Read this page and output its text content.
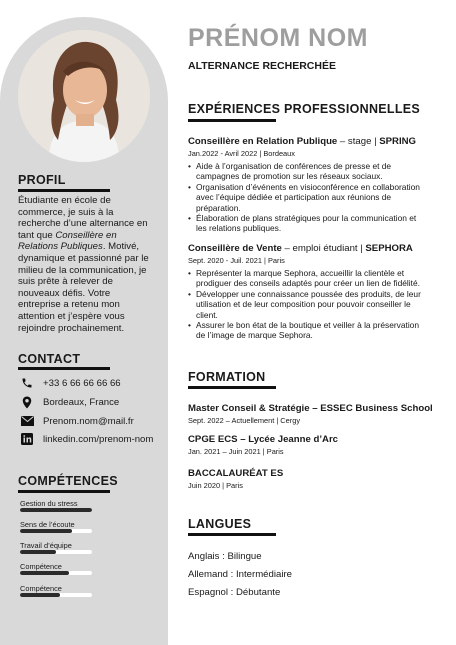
PROFIL
Étudiante en école de commerce, je suis à la recherche d’une alternance en tant que Conseillère en Relations Publiques. Motivé, dynamique et passionné par le milieu de la communication, je suis prête à relever de nouveaux défis. Votre entreprise a retenu mon attention et j’espère vous rejoindre prochainement.
CONTACT
+33 6 66 66 66 66
Bordeaux, France
Prenom.nom@mail.fr
linkedin.com/prenom-nom
COMPÉTENCES
Gestion du stress
Sens de l’écoute
Travail d’équipe
Compétence
Compétence
PRÉNOM NOM
ALTERNANCE RECHERCHÉE
EXPÉRIENCES PROFESSIONNELLES
Conseillère en Relation Publique – stage | SPRING
Jan.2022 - Avril 2022 | Bordeaux
• Aide à l’organisation de conférences de presse et de campagnes de promotion sur les réseaux sociaux.
• Organisation d’événents en visioconférence en collaboration avec l’équipe dédiée et participation aux réunions de préparation.
• Élaboration de plans stratégiques pour la communication et les relations publiques.
Conseillère de Vente – emploi étudiant | SEPHORA
Sept. 2020 - Juil. 2021 | Paris
• Représenter la marque Sephora, accueillir la clientèle et prodiguer des conseils adaptés pour créer un lien de fidélité.
• Développer une connaissance poussée des produits, de leur utilisation et de leur composition pour pouvoir conseiller le client.
• Assurer le bon état de la boutique et veiller à la préservation de l’image de marque Sephora.
FORMATION
Master Conseil & Stratégie – ESSEC Business School
Sept. 2022 – Actuellement | Cergy
CPGE ECS – Lycée Jeanne d’Arc
Jan. 2021 – Juin 2021 | Paris
BACCALAURÉAT ES
Juin 2020 | Paris
LANGUES
Anglais : Bilingue
Allemand : Intermédiaire
Espagnol : Débutante
